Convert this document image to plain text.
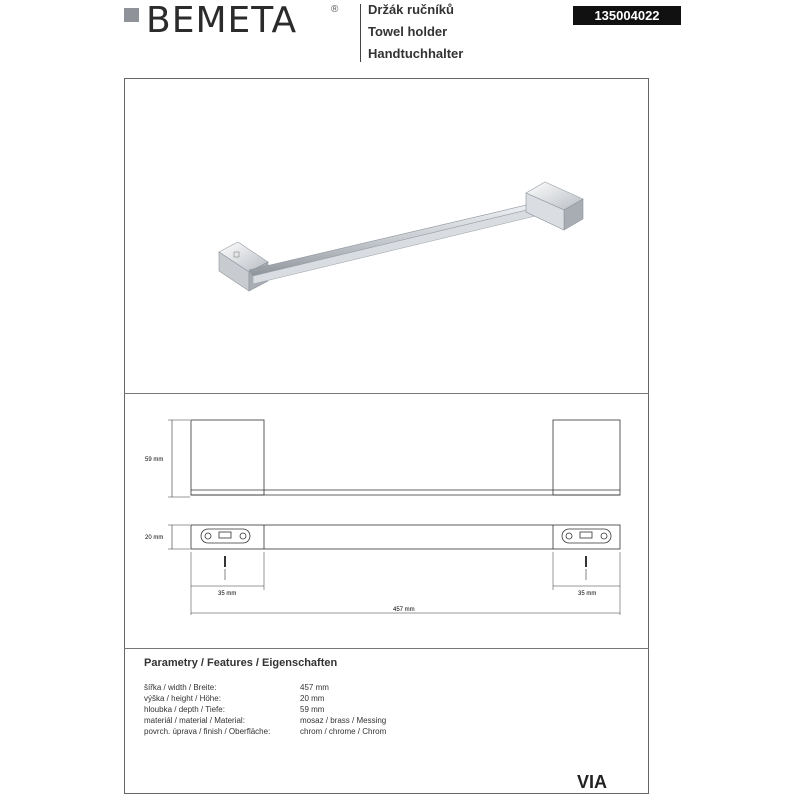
BEMETA	® Držák ručníků
Towel holder
Handtuchhalter
135004022
59 mm
20 mm
35 mm	35 mm
457 mm
Parametry / Features / Eigenschaften
šířka / width / Breite:	457 mm
výška / height / Höhe:	20 mm
hloubka / depth / Tiefe:	59 mm
materiál / material / Material:	mosaz / brass / Messing
povrch. úprava / finish / Oberfläche:	chrom / chrome / Chrom
VIA
